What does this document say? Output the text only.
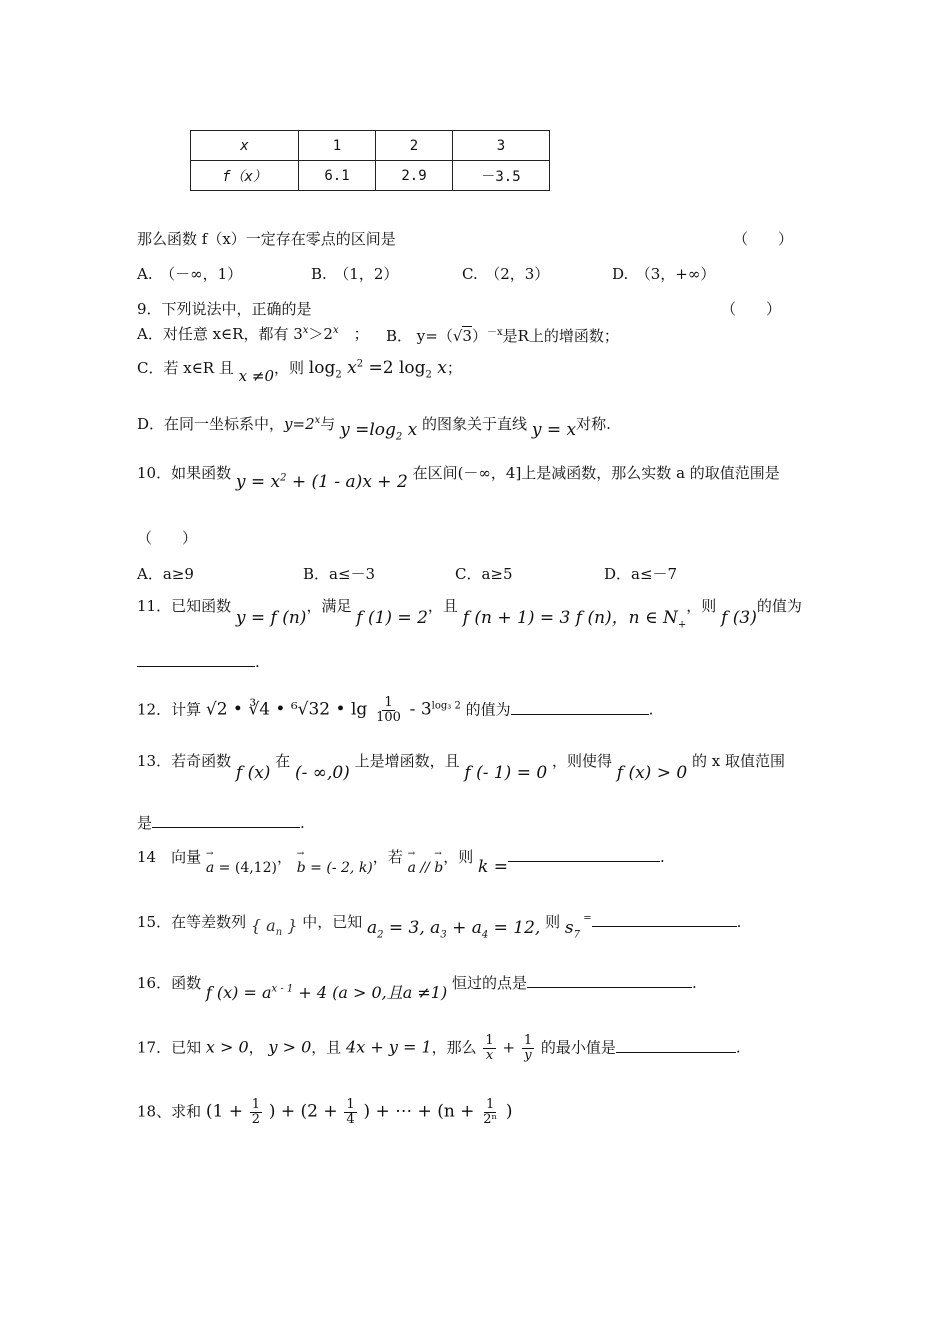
x	1	2	3
f（x）	6.1	2.9	－3.5
那么函数 f（x）一定存在零点的区间是	（　　）
A.　（－∞，1）	B.　（1，2）	C.　（2，3）	D.　（3，+∞）
9．下列说法中，正确的是	（　　）
A．对任意 x∈R，都有 $3^x>2^x$　； B． $y=(√3)^{-x}$是R上的增函数；
C．若 x∈R 且 x ≠0，则 $\log_2 x^2 =2$ $\log_2 x$；
D．在同一坐标系中，$y=2^x$与 $y =\log_2$ x 的图象关于直线 y = x对称.
10．如果函数 $y = x^2 + (1 - a)x + 2$ 在区间(－∞，4]上是减函数，那么实数 a 的取值范围是
（　　）
A．a≥9	B．a≤－3	C．a≥5	D．a≤－7
11．已知函数 y = f (n)，满足 f (1) = 2，且 f (n + 1) = 3 f (n)，n ∈ $N_+$，则 f (3)的值为
.
12．计算 √2 • ∛4 • ⁶√32 • $\lg \frac{1}{100} - 3^{log_3 2}$ 的值为	.
13．若奇函数 f (x) 在 (- ∞,0) 上是增函数，且 f (- 1) = 0 ，则使得 f (x) > 0 的 x 取值范围
是	.
14　向量 a
→
= (4,12)， b
→
= (- 2, k)，若 a
→
// b
→ ，则 k =	.
15．在等差数列 { $a_n$ } 中，已知 $a_2 = 3$, $a_3 + a_4 = 12$, 则 $s_7$ =	.
16．函数 f $(x) = a^{x - 1} + 4$ (a > 0,且a ≠1) 恒过的点是	.
17．已知 x > 0， y > 0，且 4x + y = 1，那么 $\frac{1}{x} + \frac{1}{y}$ 的最小值是	.
18、求和 ($1 + \frac{1}{2}$ ) + ($2 + \frac{1}{4}$ ) + ⋯ + ($n + \frac{1}{\text{2ⁿ}}$ )
